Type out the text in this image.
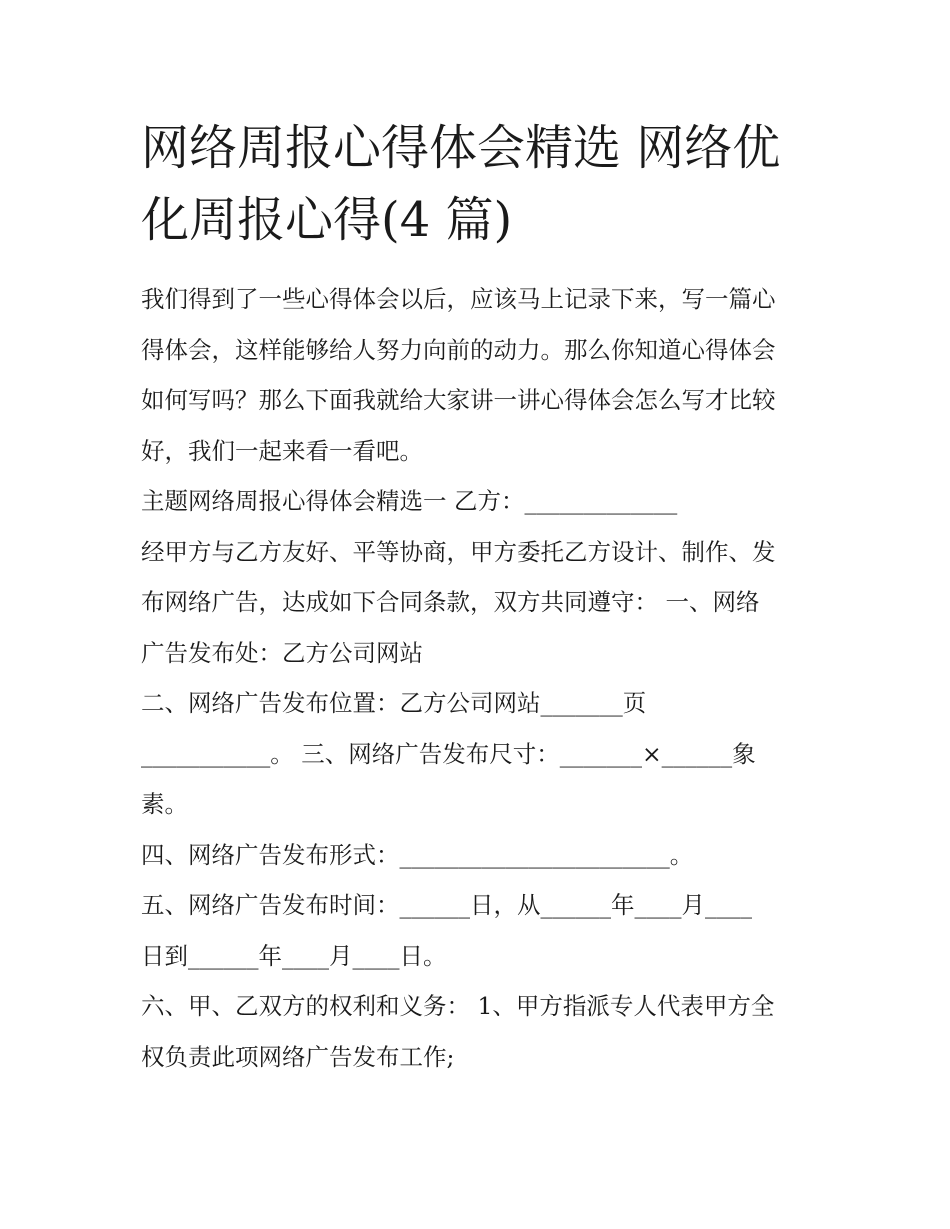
网络周报心得体会精选 网络优
化周报心得(4 篇)

我们得到了一些心得体会以后，应该马上记录下来，写一篇心
得体会，这样能够给人努力向前的动力。那么你知道心得体会
如何写吗？那么下面我就给大家讲一讲心得体会怎么写才比较
好，我们一起来看一看吧。

主题网络周报心得体会精选一 乙方：_____________

经甲方与乙方友好、平等协商，甲方委托乙方设计、制作、发
布网络广告，达成如下合同条款，双方共同遵守： 一、网络
广告发布处：乙方公司网站

二、网络广告发布位置：乙方公司网站_______页
___________。 三、网络广告发布尺寸：_______×______象
素。

四、网络广告发布形式：_______________________。

五、网络广告发布时间：______日，从______年____月____
日到______年____月____日。

六、甲、乙双方的权利和义务： 1、甲方指派专人代表甲方全
权负责此项网络广告发布工作;
